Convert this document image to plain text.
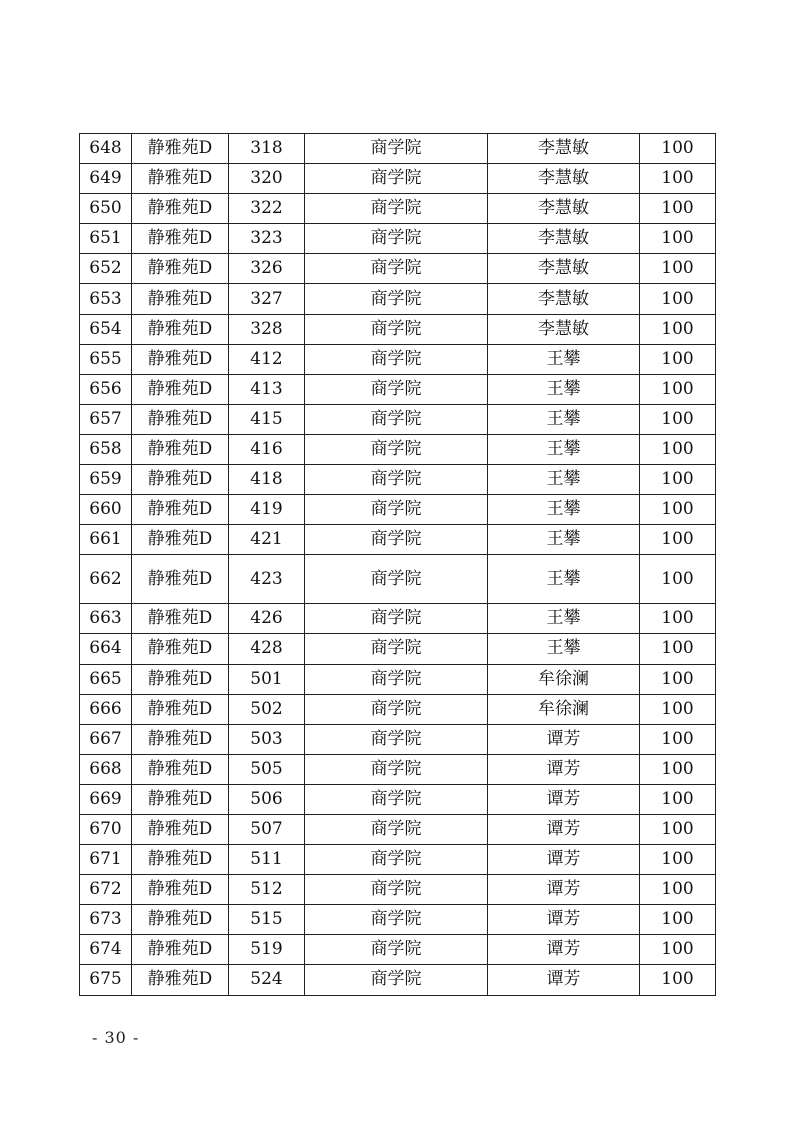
648	静雅苑D	318	商学院	李慧敏	100
649	静雅苑D	320	商学院	李慧敏	100
650	静雅苑D	322	商学院	李慧敏	100
651	静雅苑D	323	商学院	李慧敏	100
652	静雅苑D	326	商学院	李慧敏	100
653	静雅苑D	327	商学院	李慧敏	100
654	静雅苑D	328	商学院	李慧敏	100
655	静雅苑D	412	商学院	王攀	100
656	静雅苑D	413	商学院	王攀	100
657	静雅苑D	415	商学院	王攀	100
658	静雅苑D	416	商学院	王攀	100
659	静雅苑D	418	商学院	王攀	100
660	静雅苑D	419	商学院	王攀	100
661	静雅苑D	421	商学院	王攀	100
662	静雅苑D	423	商学院	王攀	100
663	静雅苑D	426	商学院	王攀	100
664	静雅苑D	428	商学院	王攀	100
665	静雅苑D	501	商学院	牟徐澜	100
666	静雅苑D	502	商学院	牟徐澜	100
667	静雅苑D	503	商学院	谭芳	100
668	静雅苑D	505	商学院	谭芳	100
669	静雅苑D	506	商学院	谭芳	100
670	静雅苑D	507	商学院	谭芳	100
671	静雅苑D	511	商学院	谭芳	100
672	静雅苑D	512	商学院	谭芳	100
673	静雅苑D	515	商学院	谭芳	100
674	静雅苑D	519	商学院	谭芳	100
675	静雅苑D	524	商学院	谭芳	100
- 30 -
